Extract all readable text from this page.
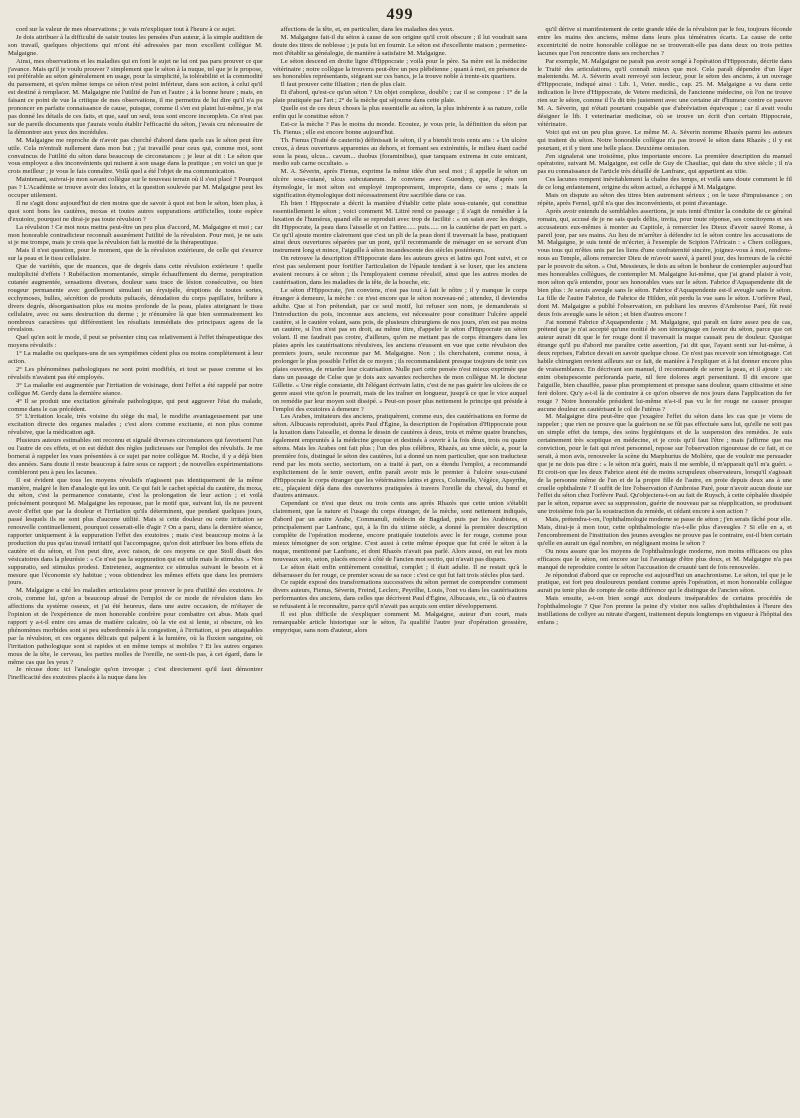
499

cord sur la valeur de mes observations ; je vais m'expliquer tout à l'heure à ce sujet.

Je dois attribuer à la difficulté de saisir toutes les pensées d'un auteur, à la simple audition de son travail, quelques objections qui m'ont été adressées par mon excellent collègue M. Malgaigne.

Ainsi, mes observations et les maladies qui en font le sujet ne lui ont pas paru prouver ce que j'avance. Mais qu'il je voulu prouver ? simplement que le séton à la nuque, tel que je le propose, est préférable au séton généralement en usage, pour la simplicité, la tolérabilité et la commodité du pansement, et qu'en même temps ce séton n'est point inférieur, dans son action, à celui qu'il est destiné à remplacer. M. Malgaigne nie l'utilité de l'un et l'autre ; à la bonne heure ; mais, en faisant ce point de vue la critique de mes observations, il me permettra de lui dire qu'il n'a pu prononcer en parfaite connaissance de cause, puisque, comme il s'en est plaint lui-même, je n'ai pas donné les détails de ces faits, et que, sauf un seul, tous sont encore incomplets. Ce n'est pas sur de pareils documents que j'aurais voulu établir l'efficacité du séton, j'avais cru nécessaire de la démontrer aux yeux des incrédules.

M. Malgaigne me reproche de n'avoir pas cherché d'abord dans quels cas le séton peut être utile. Cela m'entraît nullement dans mon but ; j'ai travaillé pour ceux qui, comme moi, sont convaincus de l'utilité du séton dans beaucoup de circonstances ; je leur ai dit : Le séton que vous employez a des inconvénients qui nuisent à son usage dans la pratique ; en voici un que je crois meilleur ; je vous le fais connaître. Voilà quel a été l'objet de ma communication.

Maintenant, suivrai-je mon savant collègue sur le nouveau terrain où il s'est placé ? Pourquoi pas ? L'Académie se trouve avoir des loisirs, et la question soulevée par M. Malgaigne peut les occuper utilement.

Il ne s'agit donc aujourd'hui de rien moins que de savoir à quoi est bon le séton, bien plus, à quoi sont bons les cautères, moxas et toutes autres suppurations artificielles, toute espèce d'exutoire, pourquoi ne dirai-je pas toute révulsion ?

La révulsion ! Ce mot nous mettra peut-être un peu plus d'accord, M. Malgaigne et moi ; car mon honorable contradicteur reconnaît assurément l'utilité de la révulsion. Pour moi, je ne sais si je me trompe, mais je crois que la révulsion fait la moitié de la thérapeutique.

Mais il n'est question, pour le moment, que de la révulsion extérieure, de celle qui s'exerce sur la peau et le tissu cellulaire.

Que de variétés, que de nuances, que de degrés dans cette révulsion extérieure ! quelle multiplicité d'effets ! Rubéfaction momentanée, simple échauffement du derme, perspiration cutanée augmentée, sensations diverses, douleur sans trace de lésion consécutive, ou bien rougeur permanente avec gonflement simulant un érysipèle, éruptions de toutes sortes, ecchymoses, bulles, sécrétion de produits pultacés, dénudation du corps papillaire, brûlure à divers degrés, désorganisation plus ou moins profonde de la peau, plaies atteignant le tissu cellulaire, avec ou sans destruction du derme ; je n'énumère là que bien sommairement les nombreux caractères qui différentient les résultats immédiats des principaux agens de la révulsion.

Quel qu'en soit le mode, il peut se présenter cinq cas relativement à l'effet thérapeutique des moyens révulsifs :

1° La maladie ou quelques-uns de ses symptômes cèdent plus ou moins complètement à leur action.

2° Les phénomènes pathologiques ne sont point modifiés, et tout se passe comme si les révulsifs n'avaient pas été employés.

3° La maladie est augmentée par l'irritation de voisinage, dont l'effet a été rappelé par notre collègue M. Gerdy dans la dernière séance.

4° Il se produit une excitation générale pathologique, qui peut aggraver l'état du malade, comme dans le cas précédent.

5° L'irritation locale, très voisine du siège du mal, le modifie avantageusement par une excitation directe des organes malades ; c'est alors comme excitante, et non plus comme révulsive, que la médication agit.

Plusieurs auteurs estimables ont reconnu et signalé diverses circonstances qui favorisent l'un ou l'autre de ces effets, et on est déduit des règles judicieuses sur l'emploi des révulsifs. Je me bornerai à rappeler les vues présentées à ce sujet par notre collègue M. Roche, il y a déjà bien des années. Sans doute il reste beaucoup à faire sous ce rapport ; de nouvelles expérimentations combleront peu à peu les lacunes.

Il est évident que tous les moyens révulsifs n'agissent pas identiquement de la même manière, malgré le lien d'analogie qui les unit. Ce qui fait le cachet spécial du cautère, du moxa, du séton, c'est la permanence constante, c'est la prolongation de leur action ; et voilà précisément pourquoi M. Malgaigne les repousse, par le motif que, suivant lui, ils ne peuvent avoir d'effet que par la douleur et l'irritation qu'ils déterminent, que pendant quelques jours, passé lesquels ils ne sont plus d'aucune utilité. Mais si cette douleur ou cette irritation se renouvelle continuellement, pourquoi cesserait-elle d'agir ? On a paru, dans la dernière séance, rapporter uniquement à la suppuration l'effet des exutoires ; mais c'est beaucoup moins à la production du pus qu'au travail irritatif qui l'accompagne, qu'on doit attribuer les bons effets du cautère et du séton, et l'on peut dire, avec raison, de ces moyens ce que Stoll disait des vésicatoires dans la pleurésie : « Ce n'est pas la suppuration qui est utile mais le stimulus. » Non suppuratio, sed stimulus prodest. Entretenez, augmentez ce stimulus suivant le besoin et à mesure que l'économie s'y habitue ; vous obtiendrez les mêmes effets que dans les premiers jours.

M. Malgaigne a cité les maladies articulaires pour prouver le peu d'utilité des exutoires. Je crois, comme lui, qu'on a beaucoup abusé de l'emploi de ce mode de révulsion dans les affections du système osseux, et j'ai été heureux, dans une autre occasion, de m'étayer de l'opinion et de l'expérience de mon honorable confrère pour combattre cet abus. Mais quel rapport y a-t-il entre ces amas de matière calcaire, où la vie est si lente, si obscure, où les phénomènes morbides sont si peu subordonnés à la congestion, à l'irritation, si peu attaquables par la révulsion, et ces organes délicats qui palpent à la lumière, où la fluxion sanguine, où l'irritation pathologique sont si rapides et en même temps si mobiles ? Et les autres organes mous de la tête, le cerveau, les parties molles de l'oreille, ne sont-ils pas, à cet égard, dans le même cas que les yeux ?

Je récuse donc ici l'analogie qu'on invoque ; c'est directement qu'il faut démontrer l'inefficacité des exutoires placés à la nuque dans les

affections de la tête, et, en particulier, dans les maladies des yeux.

M. Malgaigne fait-il du séton à cause de son origine qu'il croit obscure ; il lui voudrait sans doute des titres de noblesse ; je puis lui en fournir. Le séton est d'excellente maison ; permettez-moi d'établir sa généalogie, de manière à satisfaire M. Malgaigne.

Le séton descend en droite ligne d'Hippocrate ; voilà pour le père. Sa mère est la médecine vétérinaire ; notre collègue la trouvera peut-être un peu plébéienne ; quant à moi, en présence de ses honorables représentants, siégeant sur ces bancs, je la trouve noble à trente-six quartiers.

Il faut prouver cette filiation ; rien de plus clair.

Et d'abord, qu'est-ce qu'un séton ? Un objet complexe, doubl'e ; car il se compose : 1° de la plaie pratiquée par l'art ; 2° de la mèche qui séjourne dans cette plaie.

Quelle est de ces deux choses la plus essentielle au séton, la plus inhérente à sa nature, celle enfin qui le constitue séton ?

Est-ce la mèche ? Pas le moins du monde. Ecoutez, je vous prie, la définition du séton par Th. Fienus ; elle est encore bonne aujourd'hui.

Th. Fienus (Traité de cauteriis) définissait le séton, il y a bientôt trois cents ans : « Un ulcère creux, à deux ouvertures apparentes au dehors, et formant ses extrémités, le milieu étant caché sous la peau, ulcus... cavum... duobus (foraminibus), quæ tanquam extrema in cute emicant, medio sub carne occultato. »

M. A. Séverin, après Fienus, exprime la même idée d'un seul mot ; il appelle le séton un ulcère sous-cutané, ulcus subcutaneum. Je conviens avec Guendorp, que, d'après son étymologie, le mot séton est employé improprement, improprie, dans ce sens ; mais la signification étymologique doit nécessairement être sacrifiée dans ce cas.

Eh bien ! Hippocrate a décrit la manière d'établir cette plaie sous-cutanée, qui constitue essentiellement le séton ; voici comment M. Littré rend ce passage ; il s'agit de remédier à la luxation de l'humérus, quand elle se reproduit avec trop de facilité : « on saisit avec les doigts, dit Hippocrate, la peau dans l'aisselle et on l'attire...... puis...... on la cautérise de part en part. » Ce qu'il ajoute montre clairement que c'est un pli de la peau dont il traversait la base, pratiquant ainsi deux ouvertures séparées par un pont, qu'il recommande de ménager en se servant d'un instrument long et mince, l'aiguille à séton incandescente des siècles postérieurs.

On retrouve la description d'Hippocrate dans les auteurs grecs et latins qui l'ont suivi, et ce n'est pas seulement pour fortifier l'articulation de l'épaule tendant à se luxer, que les anciens avaient recours à ce séton ; ils l'employaient comme révulsif, ainsi que les autres modes de cautérisation, dans les maladies de la tête, de la bouche, etc.

Le séton d'Hippocrate, j'en conviens, n'est pas tout à fait le nôtre ; il y manque le corps étranger à demeure, la mèche : ce n'est encore que le séton nouveau-né ; attendez, il deviendra adulte. Que si l'on prétendait, par ce seul motif, lui refuser son nom, je demanderais si l'introduction du pois, inconnue aux anciens, est nécessaire pour constituer l'ulcère appelé cautère, si le cautère volant, sans pois, de plusieurs chirurgiens de nos jours, n'en est pas moins un cautère, si l'on n'est pas en droit, au même titre, d'appeler le séton d'Hippocrate un séton volant. Il me faudrait pas croire, d'ailleurs, qu'en ne mettant pas de corps étrangers dans les plaies après les cautérisations révulsives, les anciens n'eussent en vue que cette révulsion des premiers jours, seule reconnue par M. Malgaigne. Non ; ils cherchaient, comme nous, à prolonger le plus possible l'effet de ce moyen ; ils recommandaient presque toujours de tenir ces plaies ouvertes, de retarder leur cicatrisation. Nulle part cette pensée n'est mieux exprimée que dans un passage de Celse que je dois aux savantes recherches de mon collègue M. le docteur Gillette. « Une règle constante, dit l'élégant écrivain latin, c'est de ne pas guérir les ulcères de ce genre aussi vite qu'on le pourrait, mais de les traîner en longueur, jusqu'à ce que le vice auquel on remédie par leur moyen soit dissipé. » Peut-on poser plus nettement le principe qui préside à l'emploi des exutoires à demeure ?

Les Arabes, imitateurs des anciens, pratiquèrent, comme eux, des cautérisations en forme de séton. Albucasis reproduisit, après Paul d'Égine, la description de l'opération d'Hippocrate pour la luxation dans l'aisselle, et donna le dessin de cautères à deux, trois et même quatre branches, également empruntés à la médecine grecque et destinés à ouvrir à la fois deux, trois ou quatre sétons. Mais les Arabes ont fait plus ; l'un des plus célèbres, Rhazès, au xme siècle, a, pour la première fois, distingué le séton des cautères, lui a donné un nom particulier, que son traducteur rend par les mots sectio, sectorium, on a traité à part, on a étendu l'emploi, a recommandé explicitement de le tenir ouvert, enfin paraît avoir mis le premier à l'ulcère sous-cutané d'Hippocrate le corps étranger que les vétérinaires latins et grecs, Columelle, Végèce, Apsyrthe, etc., plaçaient déjà dans des ouvertures pratiquées à travers l'oreille du cheval, du bœuf et d'autres animaux.

Cependant ce n'est que deux ou trois cents ans après Rhazès que cette union s'établit clairement, que la nature et l'usage du corps étranger, de la mèche, sont nettement indiqués, d'abord par un autre Arabe, Commanuli, médecin de Bagdad, puis par les Arabistes, et principalement par Lanfranc, qui, à la fin du xiiime siècle, a donné la première description complète de l'opération moderne, encore pratiquée toutefois avec le fer rouge, comme pour mieux témoigner de son origine. C'est aussi à cette même époque que fut créé le séton à la nuque, mentionné par Lanfranc, et dont Rhazès n'avait pas parlé. Alors aussi, on eut les mots nouveaux seto, seton, placés encore à côté de l'ancien mot sectio, qui n'avait pas disparu.

Le séton était enfin entièrement constitué, complet ; il était adulte. Il ne restait qu'à le débarrasser du fer rouge, ce premier sceau de sa race : c'est ce qui fut fait trois siècles plus tard.

Ce rapide exposé des transformations successives du séton permet de comprendre comment divers auteurs, Fienus, Séverin, Freind, Leclerc, Peyrilhe, Louis, l'ont vu dans les cautérisations performantes des anciens, dans celles que décrivent Paul d'Égine, Albucasis, etc., là où d'autres se refusaient à le reconnaître, parce qu'il n'avait pas acquis son entier développement.

Il est plus difficile de s'expliquer comment M. Malgaigne, auteur d'un court, mais remarquable article historique sur le séton, l'a qualifié l'autre jour d'opération grossière, empyrique, sans nom d'auteur, alors

qu'il dérive si manifestement de cette grande idée de la révulsion par le feu, toujours féconde entre les mains des anciens, même dans leurs plus téméraires écarts. La cause de cette excentricité de notre honorable collègue ne se trouverait-elle pas dans deux ou trois petites lacunes que l'on rencontre dans ses recherches ?

Par exemple, M. Malgaigne ne paraît pas avoir songé à l'opération d'Hippocrate, décrite dans le Traité des articulations, qu'il connaît mieux que moi. Cela paraît dépendre d'un léger malentendu. M. A. Séverin avait renvoyé son lecteur, pour le séton des anciens, à un ouvrage d'Hippocrate, indiqué ainsi : Lib. 1, Veter. medic., cap. 25. M. Malgaigne a vu dans cette indication le livre d'Hippocrate, de Vetere medicinâ, de l'ancienne médecine, où l'on ne trouve rien sur le séton, comme il l'a dit très justement avec une certaine air d'humeur contre ce pauvre M. A. Séverin, qui n'était pourtant coupable que d'abréviation équivoque ; car il avait voulu désigner le lib. I veterinariæ medicinæ, où se trouve un écrit d'un certain Hippocrate, vétérinaire.

Voici qui est un peu plus grave. Le même M. A. Séverin nomme Rhazès parmi les auteurs qui traitent du séton. Notre honorable collègue n'a pas trouvé le séton dans Rhazès ; il y est pourtant, et il y tient une belle place. Deuxième omission.

J'en signalerai une troisième, plus importante encore. La première description du manuel opératoire, suivant M. Malgaigne, est celle de Guy de Chauliac, qui date du xive siècle ; il n'a pas eu connaissance de l'article très détaillé de Lanfranc, qui appartient au xiiie.

Ces lacunes rompent inévitablement la chaîne des temps, et voilà sans doute comment le fil de ce long enfantement, origine du séton actuel, a échappé à M. Malgaigne.

Mais on dispute au séton des titres bien autrement sérieux ; on le taxe d'impuissance ; on répète, après Fernel, qu'il n'a que des inconvénients, et point d'avantage.

Après avoir entendu de semblables assertions, je suis tenté d'imiter la conduite de ce général romain, qui, accusé de je ne sais quels délits, invita, pour toute réponse, ses concitoyens et ses accusateurs eux-mêmes à monter au Capitole, à remercier les Dieux d'avoir sauvé Rome, à pareil jour, par ses mains. Au lieu de m'arrêter à défendre ici le séton contre les accusations de M. Malgaigne, je suis tenté de m'écrier, à l'exemple de Scipion l'Africain : « Chers collègues, vous tous qui m'êtes unis par les liens d'une confraternité sincère, joignez-vous à moi, rendons-nous au Temple, allons remercier Dieu de m'avoir sauvé, à pareil jour, des horreurs de la cécité par le pouvoir du séton. » Oui, Messieurs, le dois au séton le bonheur de contempler aujourd'hui mes honorables collègues, de contempler M. Malgaigne lui-même, que j'ai grand plaisir à voir, mon séton qu'à entendre, pour ses honorables vues sur le séton. Fabrice d'Aquapendente dit de bien plus : Je serais aveugle sans le séton. Fabrice d'Aquapendente est-il aveugle sans le séton. La fille de l'autre Fabrice, de Fabrice de Hilden, eût perdu la vue sans le séton. L'orfèvre Paul, dont M. Malgaigne a publié l'observation, en publiant les œuvres d'Ambroise Paré, fût resté deux fois aveugle sans le séton ; et bien d'autres encore !

J'ai nommé Fabrice d'Aquapendente ; M. Malgaigne, qui paraît en faire assez peu de cas, prétend que je n'ai accepté qu'une moitié de son témoignage en faveur du séton, parce que cet auteur aurait dit que le fer rouge dont il traversait la nuque causait peu de douleur. Quoique étrange qu'il pu d'abord me paraître cette assertion, j'ai dit que, l'ayant senti sur lui-même, à deux reprises, Fabrice devait en savoir quelque chose. Ce n'est pas recevoir son témoignage. Cet habile chirurgien revient ailleurs sur ce fait, de manière à l'expliquer et à lui donner encore plus de vraisemblance. En décrivant son manuel, il recommande de serrer la peau, et il ajoute : sic enim obstupescente perforanda parte, nil fere dolores ægri persentiunt. Il dit encore que l'aiguille, bien chauffée, passe plus promptement et presque sans douleur, quam citissime et sine ferè dolore. Qu'y a-t-il là de contraire à ce qu'on observe de nos jours dans l'application du fer rouge ? Notre honorable président lui-même n'a-t-il pas vu le fer rouge ne causer presque aucune douleur en cautérisant le col de l'utérus ?

M. Malgaigne dira peut-être que j'exagère l'effet du séton dans les cas que je viens de rappeler ; que rien ne prouve que la guérison ne se fût pas effectuée sans lui, qu'elle ne soit pas un simple effet du temps, des soins hygiéniques et de la suspension des remèdes. Je suis certainement très sceptique en médecine, et je crois qu'il faut l'être ; mais j'affirme que ma conviction, pour le fait qui m'est personnel, repose sur l'observation rigoureuse de ce fait, et ce serait, à mon avis, renouveler la scène du Marphurius de Molière, que de vouloir me persuader que je ne dois pas dire : « le séton m'a guéri, mais il me semble, il m'apparait qu'il m'a guéri. » Et croit-on que les deux Fabrice aient été de moins scrupuleux observateurs, lorsqu'il s'agissait de la personne même de l'un et de la propre fille de l'autre, en proie depuis deux ans à une cruelle ophthalmie ? Il suffit de lire l'observation d'Ambroise Paré, pour n'avoir aucun doute sur l'effet du séton chez l'orfèvre Paul. Qu'objectera-t-on au fait de Ruysch, à cette céphalée dissipée par le séton, reparue avec sa suppression, guérie de nouveau par sa réapplication, se produisant une troisième fois par la soustraction du remède, et cédant encore à son action ?

Mais, prétendra-t-on, l'ophthalmologie moderne se passe de séton ; j'en serais fâché pour elle. Mais, dirai-je à mon tour, cette ophthalmologie n'a-t-elle plus d'aveugles ? Si elle en a, et l'encombrement de l'institution des jeunes aveugles ne prouve pas le contraire, est-il bien certain qu'elle en aurait un égal nombre, en négligeant moins le séton ?

Ou nous assure que les moyens de l'ophthalmologie moderne, non moins efficaces ou plus efficaces que le séton, ont encore sur lui l'avantage d'être plus doux, et M. Malgaigne n'a pas manqué de reproduire contre le séton l'accusation de cruauté tant de fois renouvelée.

Je répondrai d'abord que ce reproche est aujourd'hui un anachronisme. Le séton, tel que je le pratique, est fort peu douloureux pendant comme après l'opération, et mon honorable collègue aurait pu tenir plus de compte de cette différence qui le distingue de l'ancien séton.

Mais ensuite, a-t-on bien songé aux douleurs inséparables de certains procédés de l'ophthalmologie ? Que l'on prenne la peine d'y visiter nos salles d'ophthalmies à l'heure des instillations de collyre au nitrate d'argent, traitement depuis longtemps en vigueur à l'hôpital des enfans ;
